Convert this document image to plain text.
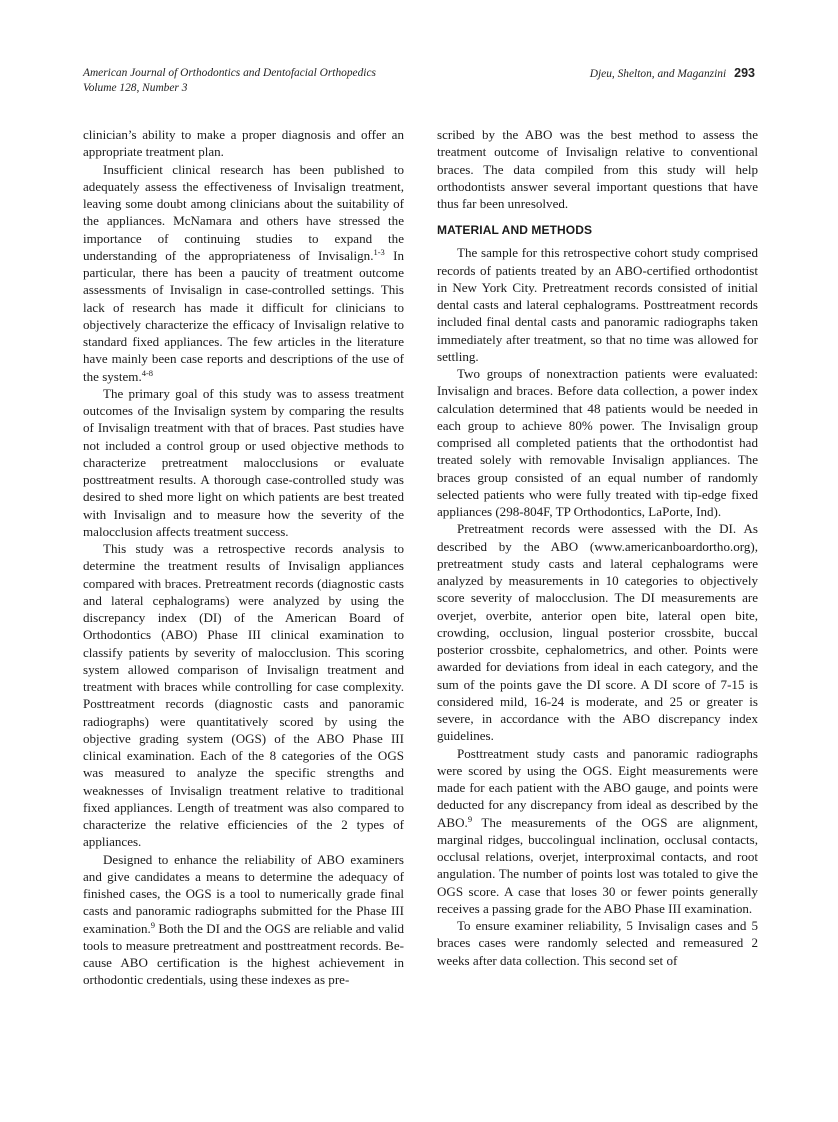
American Journal of Orthodontics and Dentofacial Orthopedics
Volume 128, Number 3
Djeu, Shelton, and Maganzini 293

clinician’s ability to make a proper diagnosis and offer an appropriate treatment plan.

Insufficient clinical research has been published to adequately assess the effectiveness of Invisalign treatment, leaving some doubt among clinicians about the suitability of the appliances. McNamara and others have stressed the importance of continuing studies to expand the understanding of the appropriateness of Invisalign.$^{1-3}$ In particular, there has been a paucity of treatment outcome assessments of Invisalign in case-controlled settings. This lack of research has made it difficult for clinicians to objectively characterize the efficacy of Invisalign relative to standard fixed appliances. The few articles in the literature have mainly been case reports and descriptions of the use of the system.$^{4-8}$

The primary goal of this study was to assess treatment outcomes of the Invisalign system by comparing the results of Invisalign treatment with that of braces. Past studies have not included a control group or used objective methods to characterize pretreatment malocclusions or evaluate posttreatment results. A thorough case-controlled study was desired to shed more light on which patients are best treated with Invisalign and to measure how the severity of the malocclusion affects treatment success.

This study was a retrospective records analysis to determine the treatment results of Invisalign appliances compared with braces. Pretreatment records (diagnostic casts and lateral cephalograms) were analyzed by using the discrepancy index (DI) of the American Board of Orthodontics (ABO) Phase III clinical examination to classify patients by severity of malocclusion. This scoring system allowed comparison of Invisalign treatment and treatment with braces while controlling for case complexity. Posttreatment records (diagnostic casts and panoramic radiographs) were quantitatively scored by using the objective grading system (OGS) of the ABO Phase III clinical examination. Each of the 8 categories of the OGS was measured to analyze the specific strengths and weaknesses of Invisalign treatment relative to traditional fixed appliances. Length of treatment was also compared to characterize the relative efficiencies of the 2 types of appliances.

Designed to enhance the reliability of ABO examiners and give candidates a means to determine the adequacy of finished cases, the OGS is a tool to numerically grade final casts and panoramic radiographs submitted for the Phase III examination.$^9$ Both the DI and the OGS are reliable and valid tools to measure pretreatment and posttreatment records. Because ABO certification is the highest achievement in orthodontic credentials, using these indexes as pre-

scribed by the ABO was the best method to assess the treatment outcome of Invisalign relative to conventional braces. The data compiled from this study will help orthodontists answer several important questions that have thus far been unresolved.

MATERIAL AND METHODS

The sample for this retrospective cohort study comprised records of patients treated by an ABO-certified orthodontist in New York City. Pretreatment records consisted of initial dental casts and lateral cephalograms. Posttreatment records included final dental casts and panoramic radiographs taken immediately after treatment, so that no time was allowed for settling.

Two groups of nonextraction patients were evaluated: Invisalign and braces. Before data collection, a power index calculation determined that 48 patients would be needed in each group to achieve 80% power. The Invisalign group comprised all completed patients that the orthodontist had treated solely with removable Invisalign appliances. The braces group consisted of an equal number of randomly selected patients who were fully treated with tip-edge fixed appliances (298-804F, TP Orthodontics, LaPorte, Ind).

Pretreatment records were assessed with the DI. As described by the ABO (www.americanboardortho.org), pretreatment study casts and lateral cephalograms were analyzed by measurements in 10 categories to objectively score severity of malocclusion. The DI measurements are overjet, overbite, anterior open bite, lateral open bite, crowding, occlusion, lingual posterior crossbite, buccal posterior crossbite, cephalometrics, and other. Points were awarded for deviations from ideal in each category, and the sum of the points gave the DI score. A DI score of 7-15 is considered mild, 16-24 is moderate, and 25 or greater is severe, in accordance with the ABO discrepancy index guidelines.

Posttreatment study casts and panoramic radiographs were scored by using the OGS. Eight measurements were made for each patient with the ABO gauge, and points were deducted for any discrepancy from ideal as described by the ABO.$^9$ The measurements of the OGS are alignment, marginal ridges, buccolingual inclination, occlusal contacts, occlusal relations, overjet, interproximal contacts, and root angulation. The number of points lost was totaled to give the OGS score. A case that loses 30 or fewer points generally receives a passing grade for the ABO Phase III examination.

To ensure examiner reliability, 5 Invisalign cases and 5 braces cases were randomly selected and remeasured 2 weeks after data collection. This second set of
